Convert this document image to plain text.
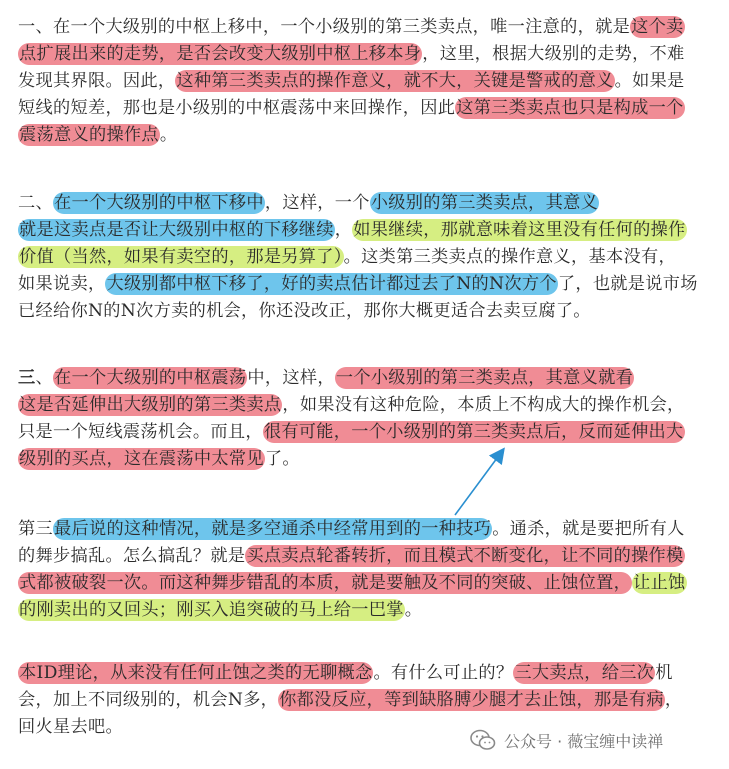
一、在一个大级别的中枢上移中，一个小级别的第三类卖点，唯一注意的，就是这个卖
点扩展出来的走势，是否会改变大级别中枢上移本身，这里，根据大级别的走势，不难
发现其界限。因此，这种第三类卖点的操作意义，就不大，关键是警戒的意义。如果是
短线的短差，那也是小级别的中枢震荡中来回操作，因此这第三类卖点也只是构成一个
震荡意义的操作点。
二、在一个大级别的中枢下移中，这样，一个小级别的第三类卖点，其意义
就是这卖点是否让大级别中枢的下移继续，如果继续，那就意味着这里没有任何的操作
价值（当然，如果有卖空的，那是另算了）。这类第三类卖点的操作意义，基本没有，
如果说卖，大级别都中枢下移了，好的卖点估计都过去了N的N次方个了，也就是说市场
已经给你N的N次方卖的机会，你还没改正，那你大概更适合去卖豆腐了。
三、在一个大级别的中枢震荡中，这样，一个小级别的第三类卖点，其意义就看
这是否延伸出大级别的第三类卖点，如果没有这种危险，本质上不构成大的操作机会，
只是一个短线震荡机会。而且，很有可能，一个小级别的第三类卖点后，反而延伸出大
级别的买点，这在震荡中太常见了。
第三最后说的这种情况，就是多空通杀中经常用到的一种技巧。通杀，就是要把所有人
的舞步搞乱。怎么搞乱？就是买点卖点轮番转折，而且模式不断变化，让不同的操作模
式都被破裂一次。而这种舞步错乱的本质，就是要触及不同的突破、止蚀位置， 让止蚀
的刚卖出的又回头；刚买入追突破的马上给一巴掌。
本ID理论，从来没有任何止蚀之类的无聊概念。有什么可止的？三大卖点，给三次机
会，加上不同级别的，机会N多，你都没反应，等到缺胳膊少腿才去止蚀，那是有病，
回火星去吧。
公众号 · 薇宝缠中读禅
